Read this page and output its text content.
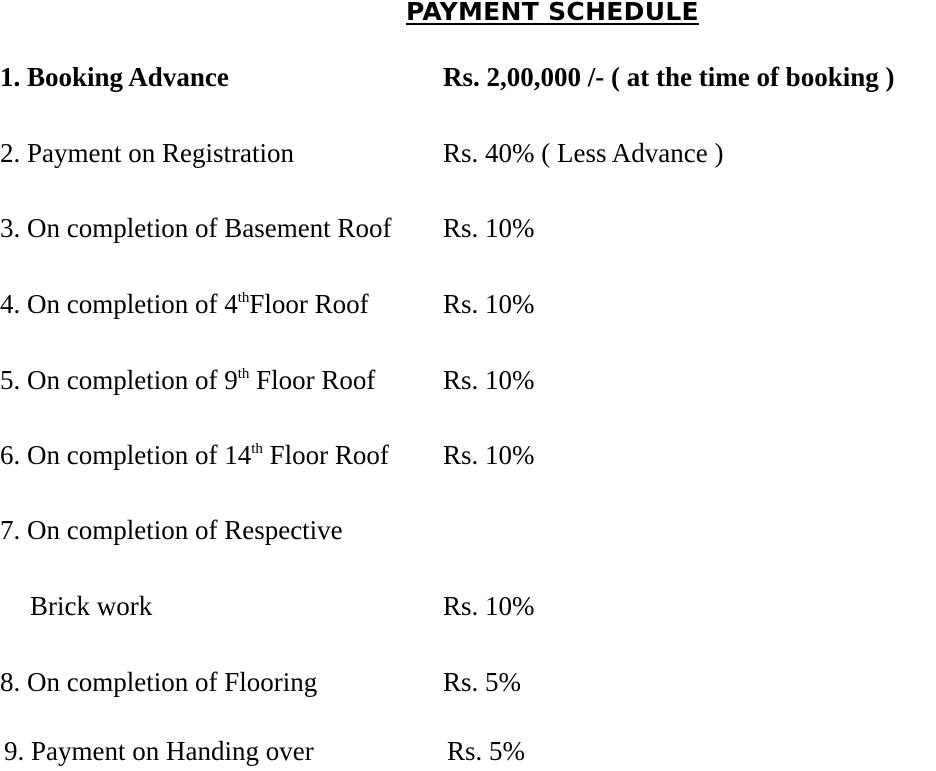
PAYMENT SCHEDULE
1. Booking Advance	Rs. 2,00,000 /- ( at the time of booking )
2. Payment on Registration	Rs. 40% ( Less Advance )
3. On completion of Basement Roof Rs. 10%
4. On completion of 4thFloor Roof	Rs. 10%
5. On completion of 9th Floor Roof	Rs. 10%
6. On completion of 14th Floor Roof Rs. 10%
7. On completion of Respective
Brick work	Rs. 10%
8. On completion of Flooring	Rs. 5%
9. Payment on Handing over	Rs. 5%
